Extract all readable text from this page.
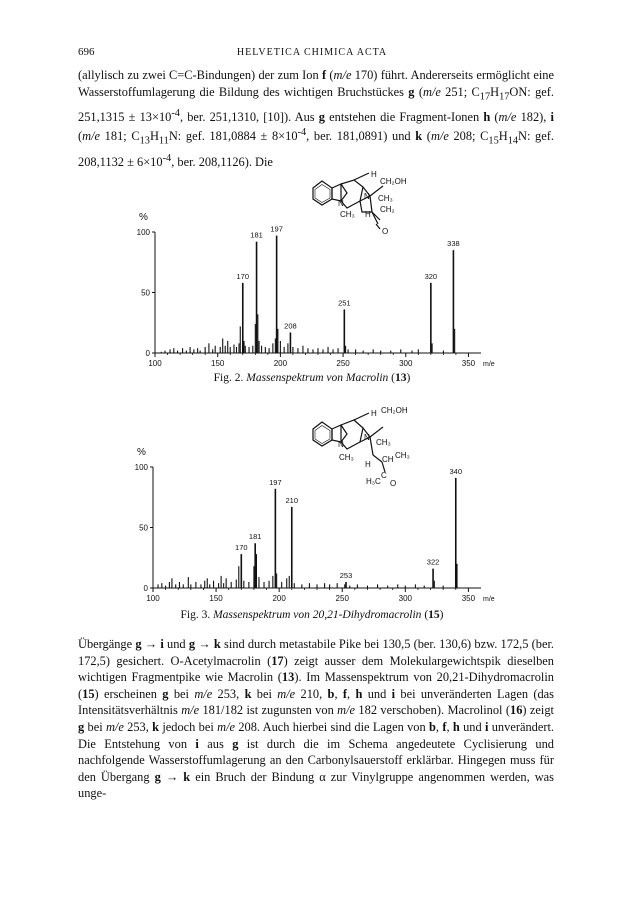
696	HELVETICA CHIMICA ACTA

(allylisch zu zwei C=C-Bindungen) der zum Ion f (m/e 170) führt. Andererseits ermöglicht eine Wasserstoffumlagerung die Bildung des wichtigen Bruchstückes g (m/e 251; $C_{17}H_{17}ON$: gef. $251,1315 \pm 13\times 10^{-4}$, ber. 251,1310, [10]). Aus g entstehen die Fragment-Ionen h (m/e 182), i (m/e 181; $C_{13}H_{11}N$: gef. $181,0884 \pm 8\times 10^{-4}$, ber. 181,0891) und k (m/e 208; $C_{15}H_{14}N$: gef. $208,1132 \pm 6\times 10^{-4}$, ber. 208,1126). Die

H
CH₂OH
N
N CH₃
CH₃ H
CH₂
O
100
50
0
%
100	150	200	250	300	350 m/e
170
181
197
208
251
320
338
Fig. 2. Massenspektrum von Macrolin (13)
H CH₂OH
N
N
CH₃
CH₃
H
CH CH₃
H₃C
C
O
100
50
0
%
100	150	200	250	300	350 m/e
170
181
197
210
253
322
340
Fig. 3. Massenspektrum von 20,21-Dihydromacrolin (15)

Übergänge g → i und g → k sind durch metastabile Pike bei 130,5 (ber. 130,6) bzw. 172,5 (ber. 172,5) gesichert. O-Acetylmacrolin (17) zeigt ausser dem Molekulargewichtspik dieselben wichtigen Fragmentpike wie Macrolin (13). Im Massenspektrum von 20,21-Dihydromacrolin (15) erscheinen g bei m/e 253, k bei m/e 210, b, f, h und i bei unveränderten Lagen (das Intensitätsverhältnis m/e 181/182 ist zugunsten von m/e 182 verschoben). Macrolinol (16) zeigt g bei m/e 253, k jedoch bei m/e 208. Auch hierbei sind die Lagen von b, f, h und i unverändert. Die Entstehung von i aus g ist durch die im Schema angedeutete Cyclisierung und nachfolgende Wasserstoffumlagerung an den Carbonylsauerstoff erklärbar. Hingegen muss für den Übergang g → k ein Bruch der Bindung α zur Vinylgruppe angenommen werden, was unge-
